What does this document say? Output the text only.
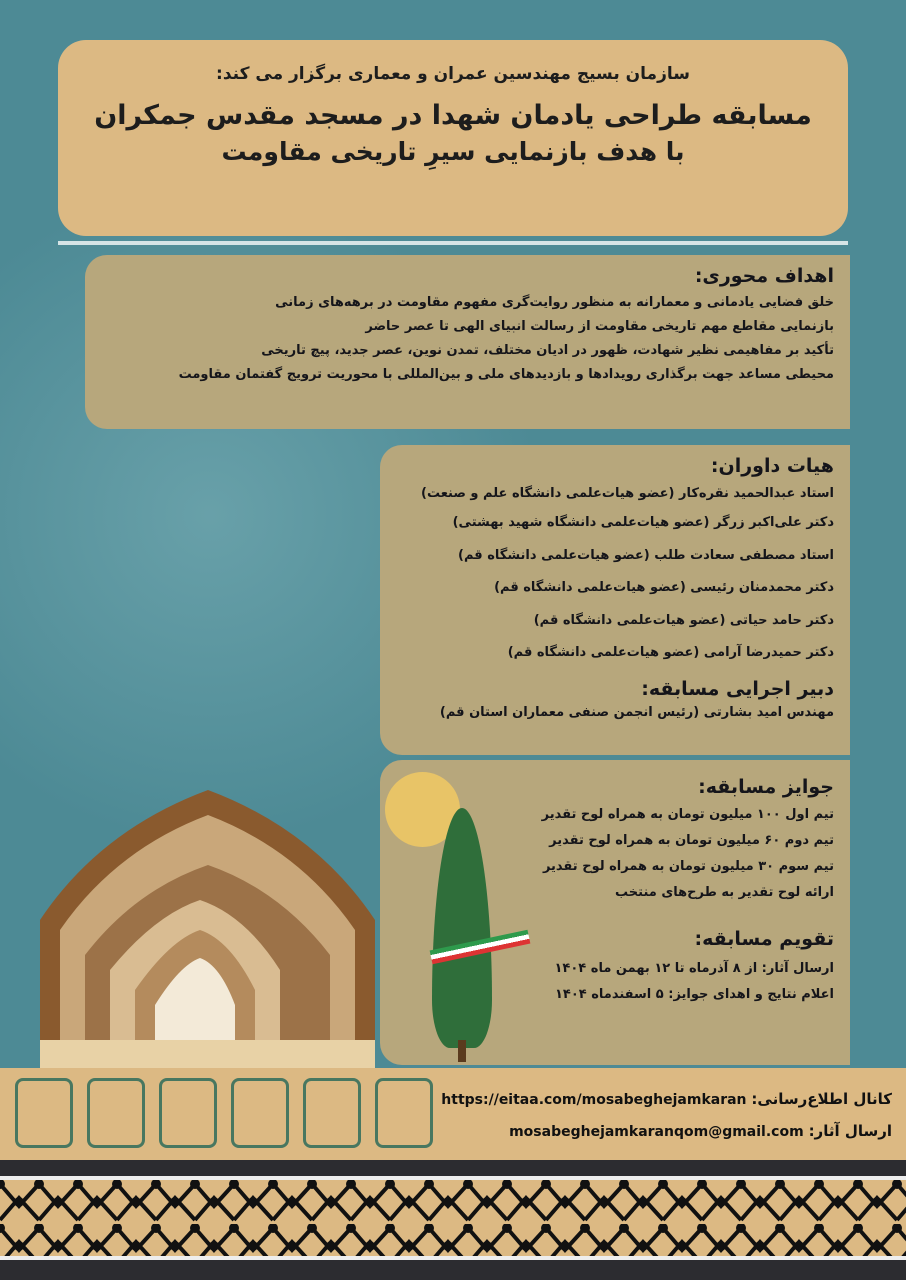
سازمان بسیج مهندسین عمران و معماری برگزار می کند:
مسابقه طراحی یادمان شهدا در مسجد مقدس جمکران
با هدف بازنمایی سیرِ تاریخی مقاومت
اهداف محوری:

خلق فضایی یادمانی و معمارانه به منظور روایت‌گری مفهوم مقاومت در برهه‌های زمانی

بازنمایی مقاطع مهم تاریخی مقاومت از رسالت انبیای الهی تا عصر حاضر

تأکید بر مفاهیمی نظیر شهادت، ظهور در ادیان مختلف، تمدن نوین، عصر جدید، پیچ تاریخی

محیطی مساعد جهت برگذاری رویدادها و بازدیدهای ملی و بین‌المللی با محوریت ترویج گفتمان مقاومت

هیات داوران:

استاد عبدالحمید نقره‌کار (عضو هیات‌علمی دانشگاه علم و صنعت)

دکتر علی‌اکبر زرگر (عضو هیات‌علمی دانشگاه شهید بهشتی)

استاد مصطفی سعادت طلب (عضو هیات‌علمی دانشگاه قم)

دکتر محمدمنان رئیسی (عضو هیات‌علمی دانشگاه قم)

دکتر حامد حیاتی (عضو هیات‌علمی دانشگاه قم)

دکتر حمیدرضا آرامی (عضو هیات‌علمی دانشگاه قم)

دبیر اجرایی مسابقه:

مهندس امید بشارتی (رئیس انجمن صنفی معماران استان قم)

جوایز مسابقه:

تیم اول ۱۰۰ میلیون تومان به همراه لوح تقدیر

تیم دوم ۶۰ میلیون تومان به همراه لوح تقدیر

تیم سوم ۳۰ میلیون تومان به همراه لوح تقدیر

ارائه لوح تقدیر به طرح‌های منتخب

تقویم مسابقه:

ارسال آثار: از ۸ آذرماه تا ۱۲ بهمن ماه ۱۴۰۴

اعلام نتایج و اهدای جوایز: ۵ اسفندماه ۱۴۰۴

کانال اطلاع‌رسانی: https://eitaa.com/mosabeghejamkaran
ارسال آثار: mosabeghejamkaranqom@gmail.com
